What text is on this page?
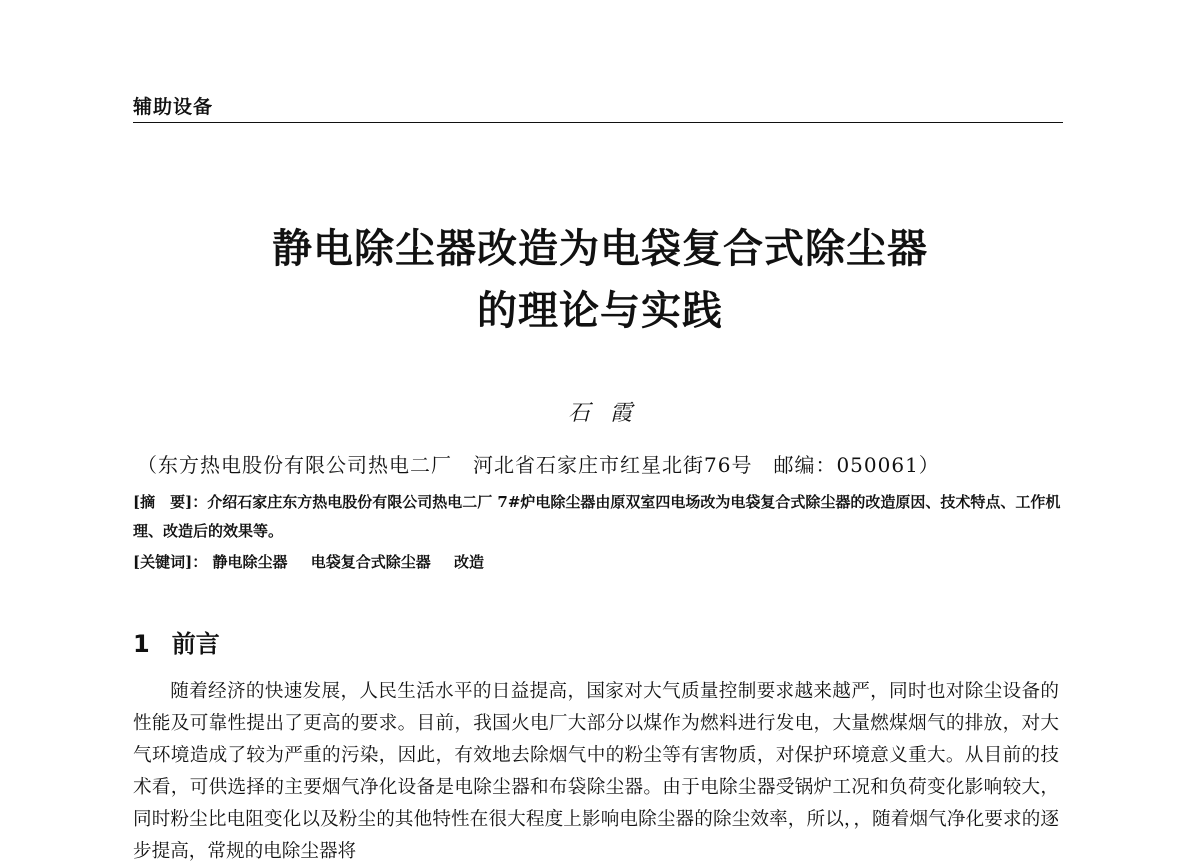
辅助设备
静电除尘器改造为电袋复合式除尘器
的理论与实践
石霞
（东方热电股份有限公司热电二厂　河北省石家庄市红星北街76号　邮编：050061）

[摘　要]：介绍石家庄东方热电股份有限公司热电二厂 7#炉电除尘器由原双室四电场改为电袋复合式除尘器的改造原因、技术特点、工作机理、改造后的效果等。

[关键词]： 静电除尘器 电袋复合式除尘器 改造
1 前言

随着经济的快速发展，人民生活水平的日益提高，国家对大气质量控制要求越来越严，同时也对除尘设备的性能及可靠性提出了更高的要求。目前，我国火电厂大部分以煤作为燃料进行发电，大量燃煤烟气的排放，对大气环境造成了较为严重的污染，因此，有效地去除烟气中的粉尘等有害物质，对保护环境意义重大。从目前的技术看，可供选择的主要烟气净化设备是电除尘器和布袋除尘器。由于电除尘器受锅炉工况和负荷变化影响较大，同时粉尘比电阻变化以及粉尘的其他特性在很大程度上影响电除尘器的除尘效率，所以，，随着烟气净化要求的逐步提高，常规的电除尘器将
